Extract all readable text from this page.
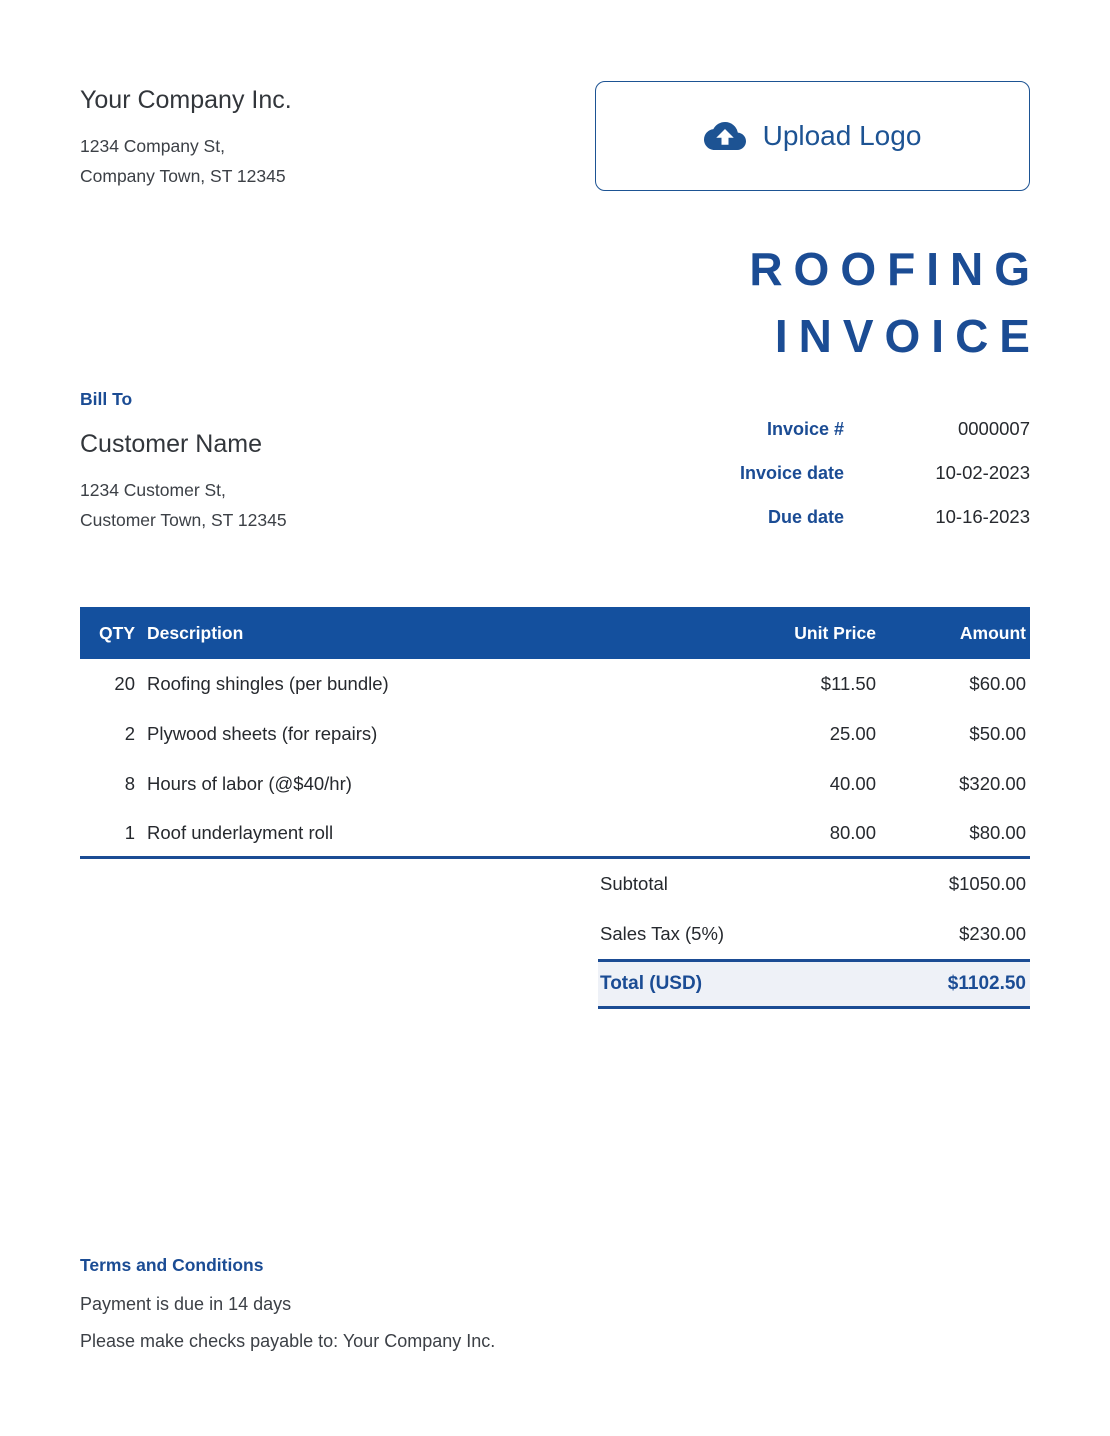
Your Company Inc.
1234 Company St,
Company Town, ST 12345
Upload Logo
ROOFING
INVOICE
Bill To
Customer Name
1234 Customer St,
Customer Town, ST 12345
Invoice #	0000007
Invoice date	10-02-2023
Due date	10-16-2023
QTY Description	Unit Price	Amount
20 Roofing shingles (per bundle)	$11.50	$60.00
2 Plywood sheets (for repairs)	25.00	$50.00
8 Hours of labor (@$40/hr)	40.00	$320.00
1 Roof underlayment roll	80.00	$80.00
Subtotal	$1050.00
Sales Tax (5%)	$230.00
Total (USD)	$1102.50
Terms and Conditions
Payment is due in 14 days
Please make checks payable to: Your Company Inc.
